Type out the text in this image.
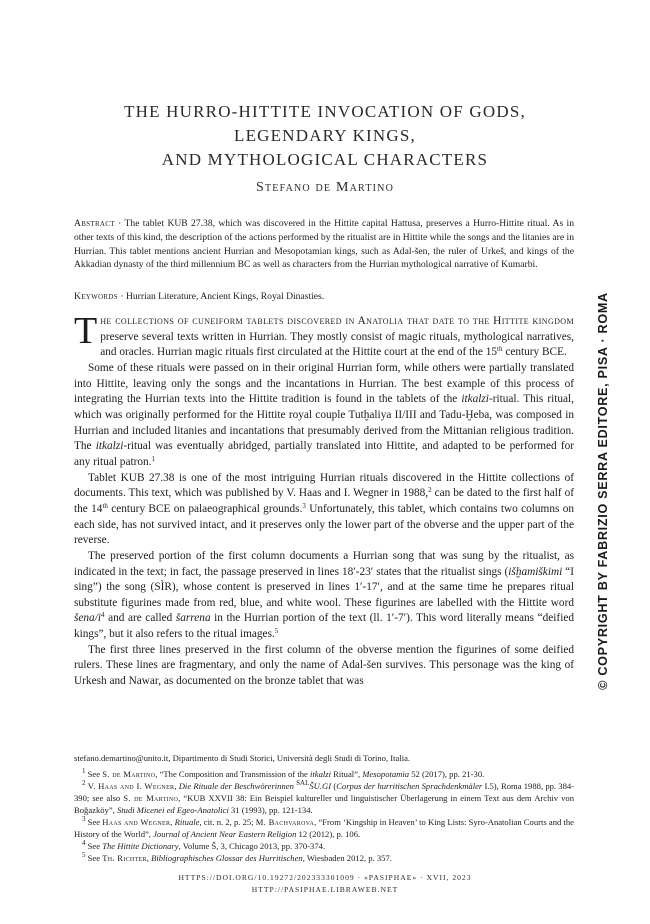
THE HURRO-HITTITE INVOCATION OF GODS,
LEGENDARY KINGS,
AND MYTHOLOGICAL CHARACTERS
Stefano de Martino
Abstract · The tablet KUB 27.38, which was discovered in the Hittite capital Hattusa, preserves a Hurro-Hittite ritual. As in other texts of this kind, the description of the actions performed by the ritualist are in Hittite while the songs and the litanies are in Hurrian. This tablet mentions ancient Hurrian and Mesopotamian kings, such as Adal-šen, the ruler of Urkeš, and kings of the Akkadian dynasty of the third millennium BC as well as characters from the Hurrian mythological narrative of Kumarbi.
Keywords · Hurrian Literature, Ancient Kings, Royal Dinasties.

The collections of cuneiform tablets discovered in Anatolia that date to the Hittite kingdom preserve several texts written in Hurrian. They mostly consist of magic rituals, mythological narratives, and oracles. Hurrian magic rituals first circulated at the Hittite court at the end of the 15th century BCE.

Some of these rituals were passed on in their original Hurrian form, while others were partially translated into Hittite, leaving only the songs and the incantations in Hurrian. The best example of this process of integrating the Hurrian texts into the Hittite tradition is found in the tablets of the itkalzi-ritual. This ritual, which was originally performed for the Hittite royal couple Tutḫaliya II/III and Tadu-Ḫeba, was composed in Hurrian and included litanies and incantations that presumably derived from the Mittanian religious tradition. The itkalzi-ritual was eventually abridged, partially translated into Hittite, and adapted to be performed for any ritual patron.$^1$

Tablet KUB 27.38 is one of the most intriguing Hurrian rituals discovered in the Hittite collections of documents. This text, which was published by V. Haas and I. Wegner in 1988,$^2$ can be dated to the first half of the 14th century BCE on palaeographical grounds.$^3$ Unfortunately, this tablet, which contains two columns on each side, has not survived intact, and it preserves only the lower part of the obverse and the upper part of the reverse.

The preserved portion of the first column documents a Hurrian song that was sung by the ritualist, as indicated in the text; in fact, the passage preserved in lines 18′-23′ states that the ritualist sings (išḫamiškimi “I sing”) the song (SÌR), whose content is preserved in lines 1′-17′, and at the same time he prepares ritual substitute figurines made from red, blue, and white wool. These figurines are labelled with the Hittite word šena/$i^4$ and are called šarrena in the Hurrian portion of the text (ll. 1′-7′). This word literally means “deified kings”, but it also refers to the ritual images.$^5$

The first three lines preserved in the first column of the obverse mention the figurines of some deified rulers. These lines are fragmentary, and only the name of Adal-šen survives. This personage was the king of Urkesh and Nawar, as documented on the bronze tablet that was

stefano.demartino@unito.it, Dipartimento di Studi Storici, Università degli Studi di Torino, Italia.

$^1$ See S. de Martino, “The Composition and Transmission of the itkalzi Ritual”, Mesopotamia 52 (2017), pp. 21-30.

$^2$ V. Haas and I. Wegner, Die Rituale der Beschwörerinnen $^{SAL}$ŠU.GI (Corpus der hurritischen Sprachdenkmäler I.5), Roma 1988, pp. 384-390; see also S. de Martino, “KUB XXVII 38: Ein Beispiel kultureller und linguistischer Überlagerung in einem Text aus dem Archiv von Boğazköy”, Studi Micenei ed Egeo-Anatolici 31 (1993), pp. 121-134.

$^3$ See Haas and Wegner, Rituale, cit. n. 2, p. 25; M. Bachvarova, “From ‘Kingship in Heaven’ to King Lists: Syro-Anatolian Courts and the History of the World”, Journal of Ancient Near Eastern Religion 12 (2012), p. 106.

$^4$ See The Hittite Dictionary, Volume Š, 3, Chicago 2013, pp. 370-374.

$^5$ See Th. Richter, Bibliographisches Glossar des Hurritischen, Wiesbaden 2012, p. 357.

HTTPS://DOI.ORG/10.19272/202333301009 · «PASIPHAE» · XVII, 2023
HTTP://PASIPHAE.LIBRAWEB.NET
© COPYRIGHT BY FABRIZIO SERRA EDITORE, PISA · ROMA
